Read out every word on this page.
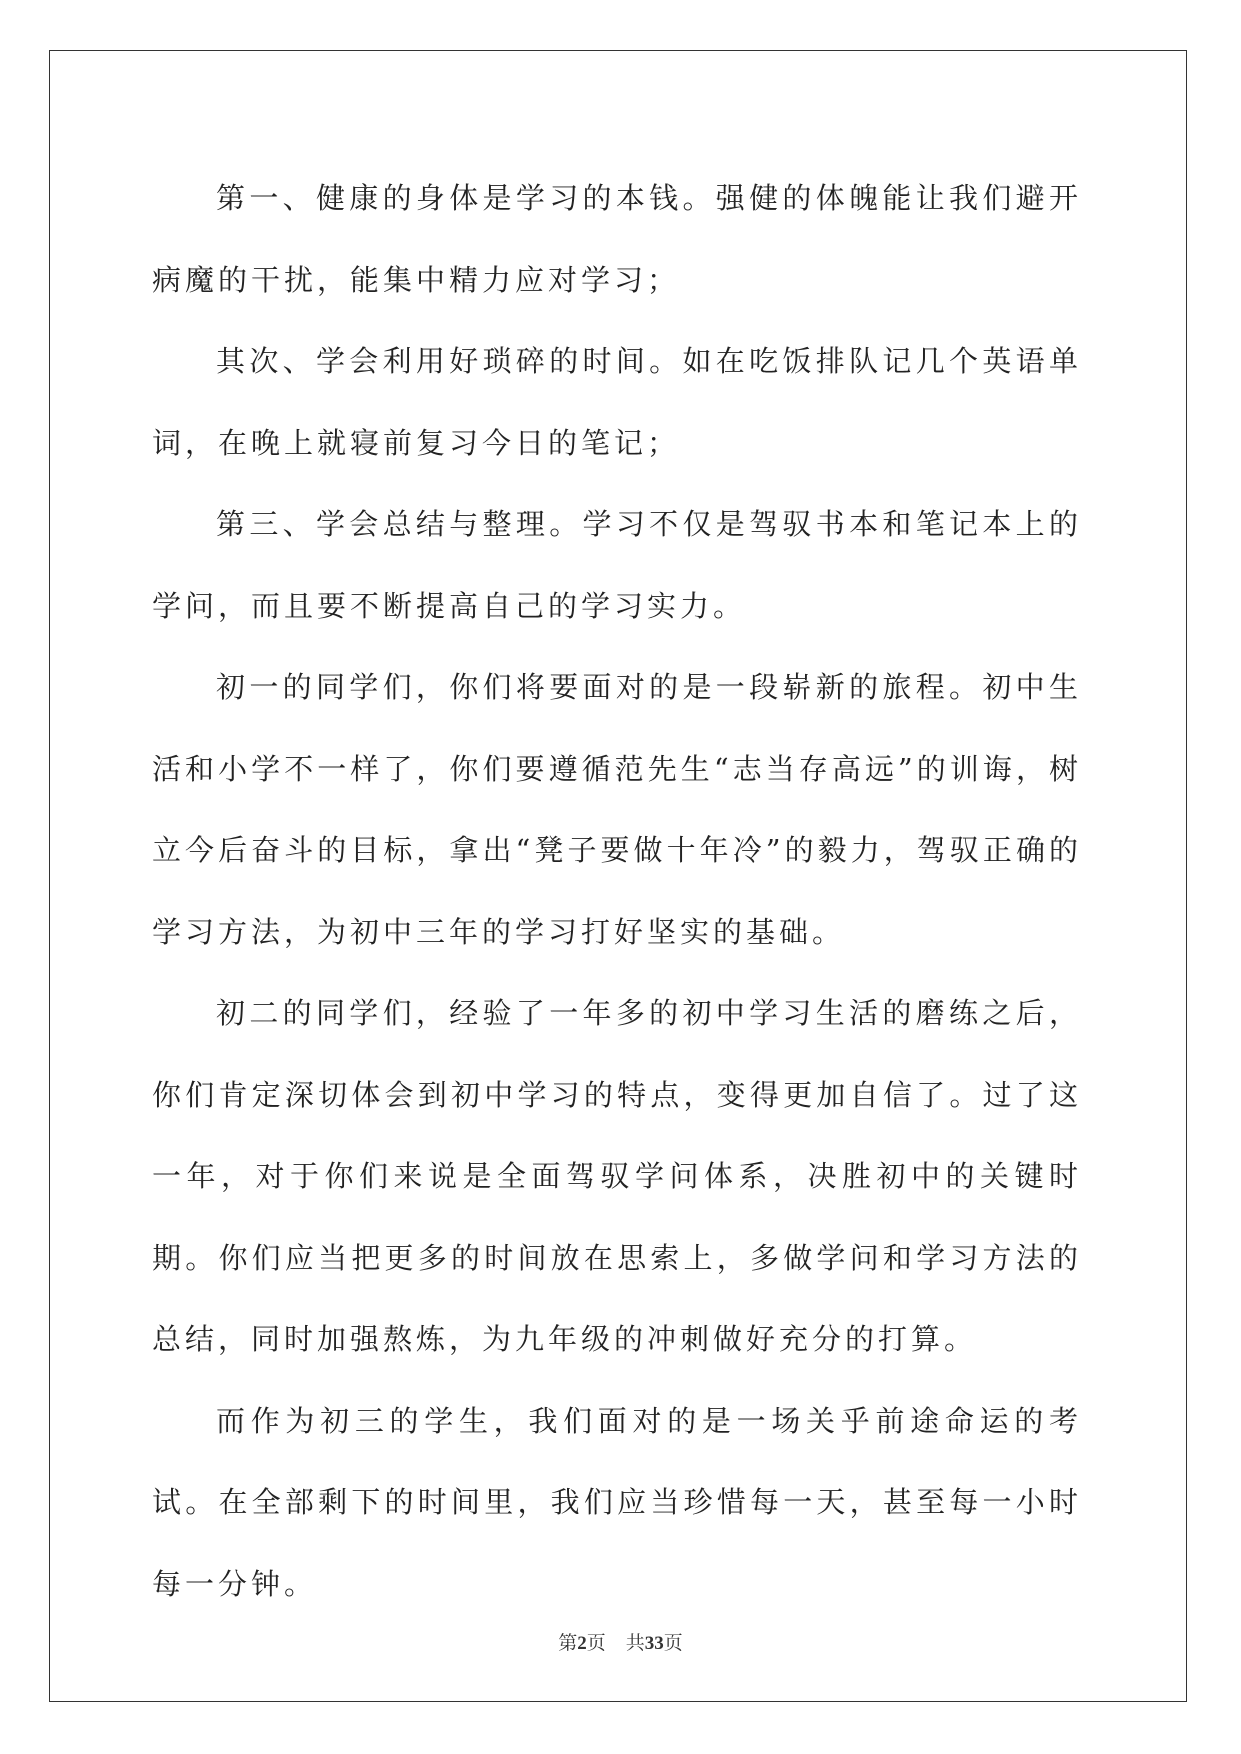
第一、健康的身体是学习的本钱。强健的体魄能让我们避开病魔的干扰，能集中精力应对学习；

其次、学会利用好琐碎的时间。如在吃饭排队记几个英语单词，在晚上就寝前复习今日的笔记；

第三、学会总结与整理。学习不仅是驾驭书本和笔记本上的学问，而且要不断提高自己的学习实力。

初一的同学们，你们将要面对的是一段崭新的旅程。初中生活和小学不一样了，你们要遵循范先生“志当存高远”的训诲，树立今后奋斗的目标，拿出“凳子要做十年冷”的毅力，驾驭正确的学习方法，为初中三年的学习打好坚实的基础。

初二的同学们，经验了一年多的初中学习生活的磨练之后，你们肯定深切体会到初中学习的特点，变得更加自信了。过了这一年，对于你们来说是全面驾驭学问体系，决胜初中的关键时期。你们应当把更多的时间放在思索上，多做学问和学习方法的总结，同时加强熬炼，为九年级的冲刺做好充分的打算。

而作为初三的学生，我们面对的是一场关乎前途命运的考试。在全部剩下的时间里，我们应当珍惜每一天，甚至每一小时每一分钟。

第2页 共33页
